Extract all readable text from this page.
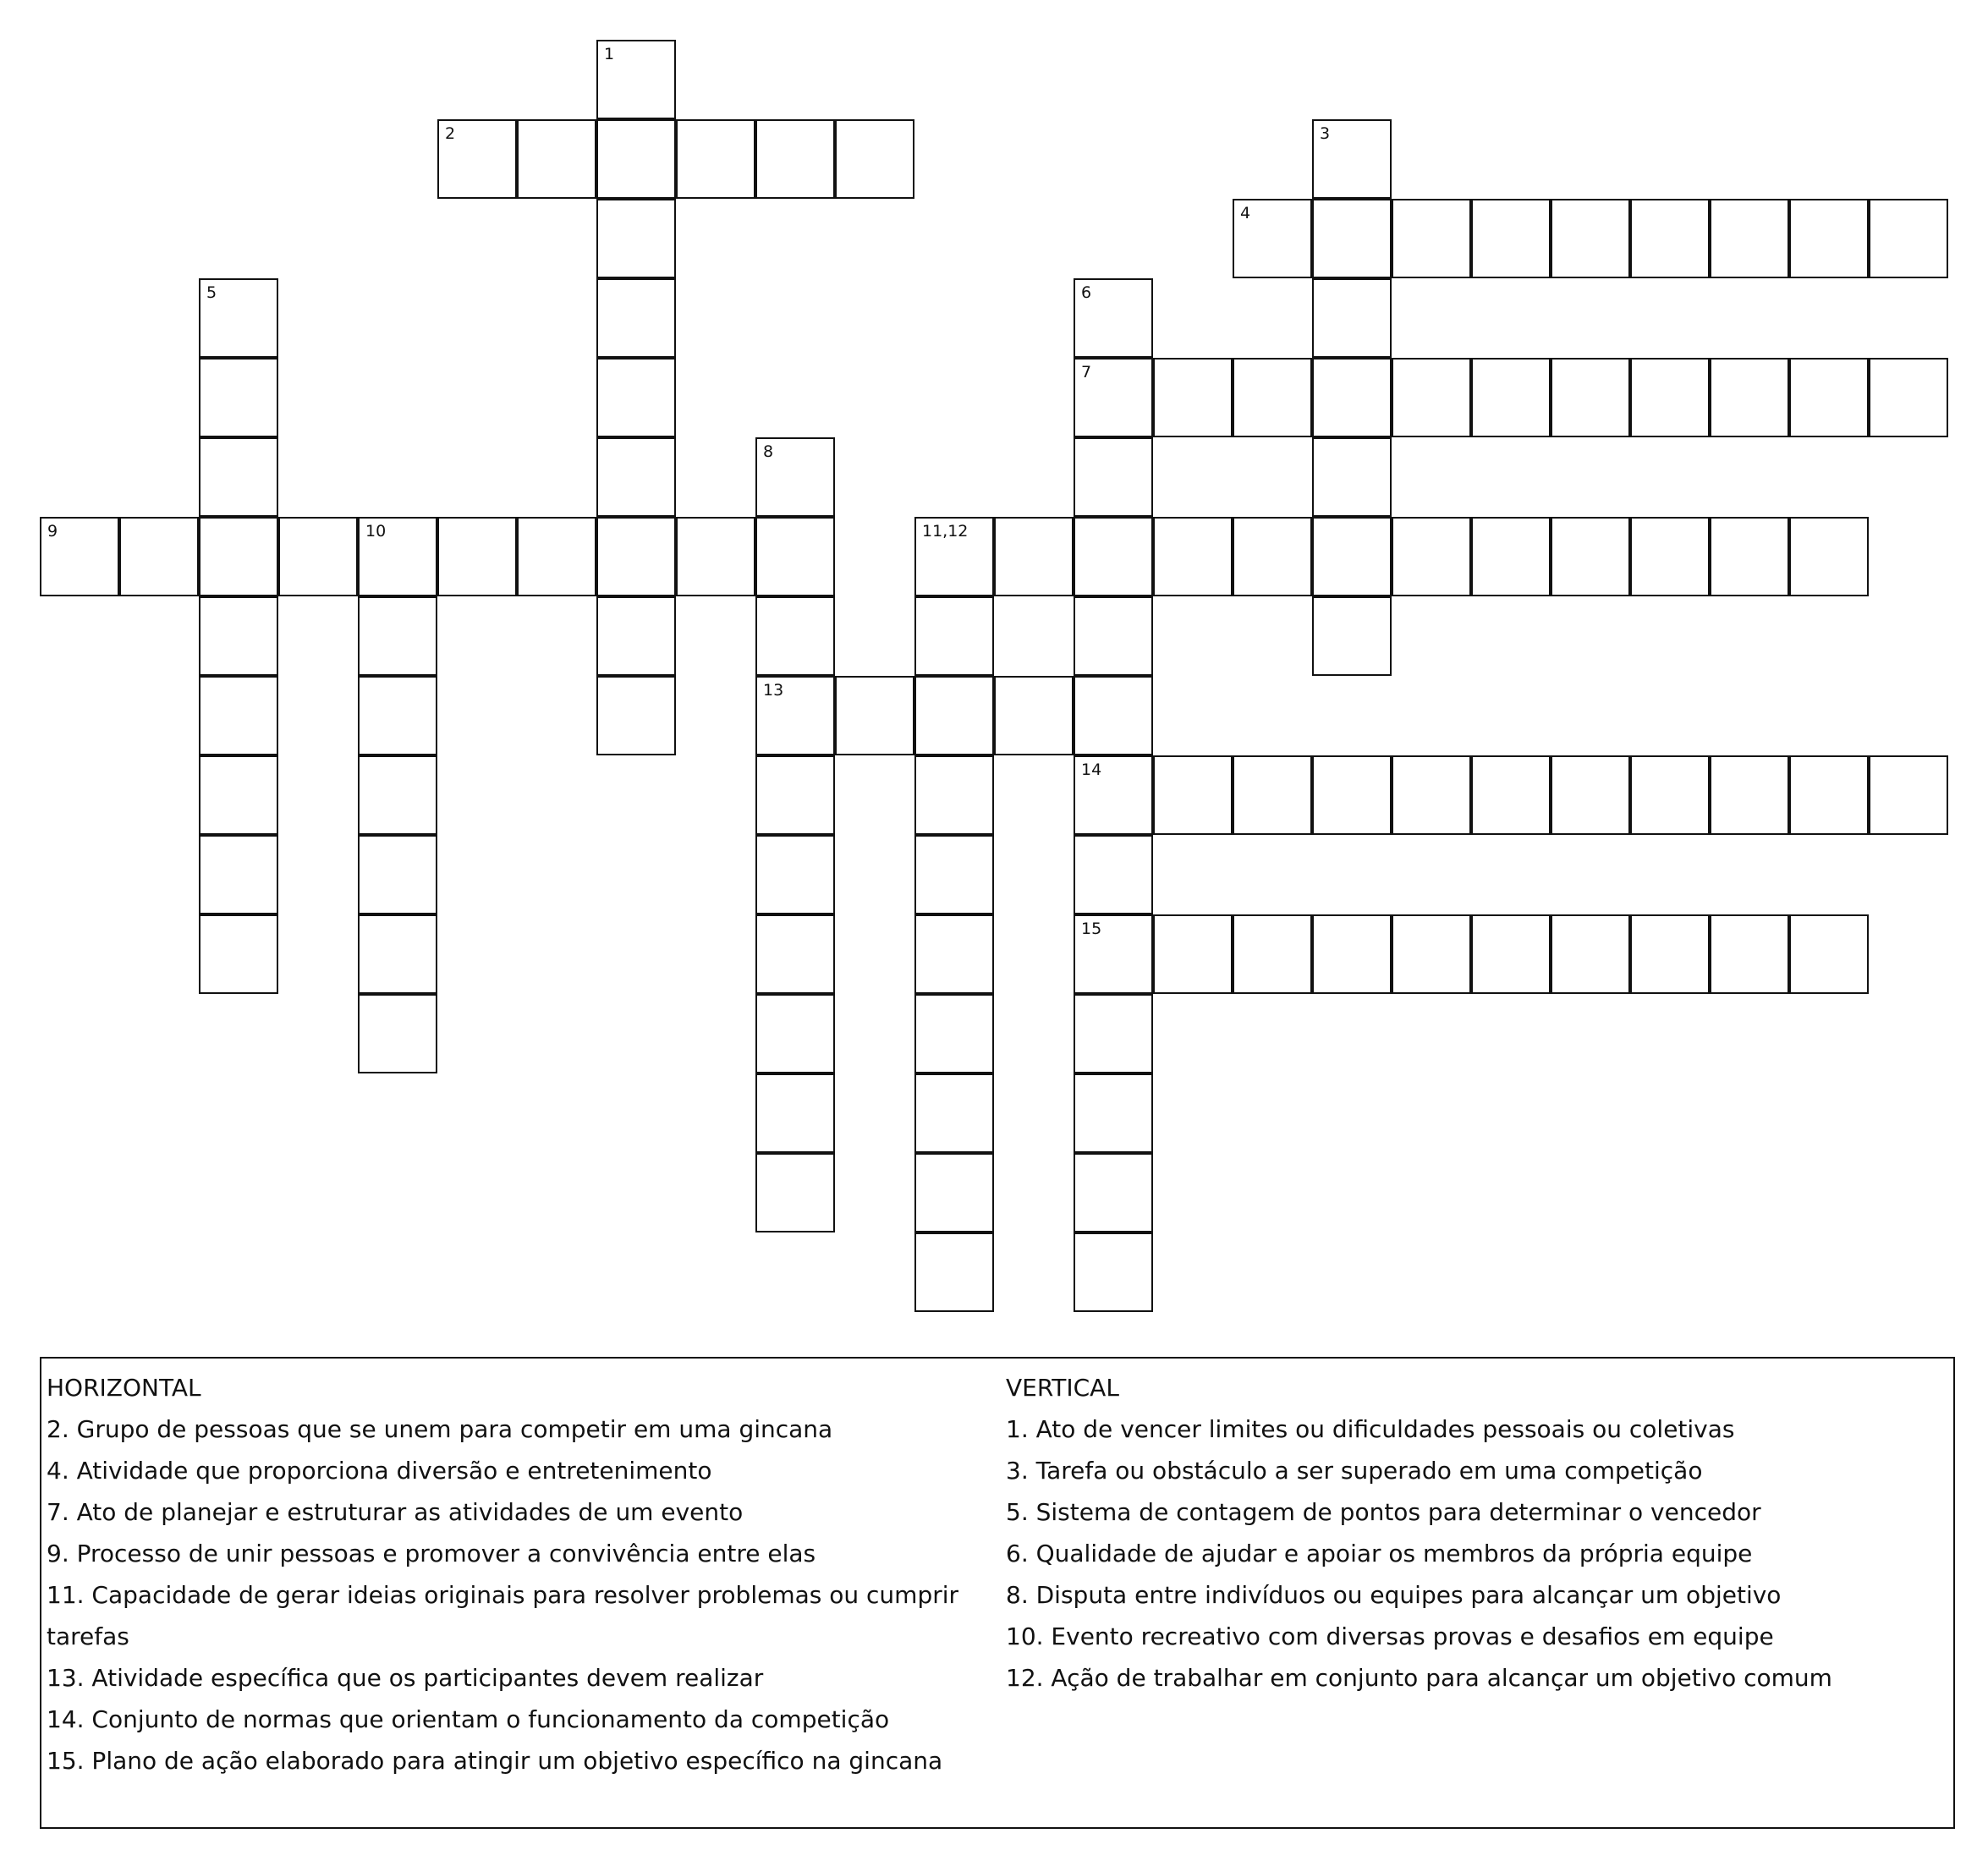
2
4
7
9	10	11,12
13
14
15
1
3
5	6
8

HORIZONTAL

2. Grupo de pessoas que se unem para competir em uma gincana

4. Atividade que proporciona diversão e entretenimento

7. Ato de planejar e estruturar as atividades de um evento

9. Processo de unir pessoas e promover a convivência entre elas

11. Capacidade de gerar ideias originais para resolver problemas ou cumprir tarefas

13. Atividade específica que os participantes devem realizar

14. Conjunto de normas que orientam o funcionamento da competição

15. Plano de ação elaborado para atingir um objetivo específico na gincana

VERTICAL

1. Ato de vencer limites ou dificuldades pessoais ou coletivas

3. Tarefa ou obstáculo a ser superado em uma competição

5. Sistema de contagem de pontos para determinar o vencedor

6. Qualidade de ajudar e apoiar os membros da própria equipe

8. Disputa entre indivíduos ou equipes para alcançar um objetivo

10. Evento recreativo com diversas provas e desafios em equipe

12. Ação de trabalhar em conjunto para alcançar um objetivo comum
